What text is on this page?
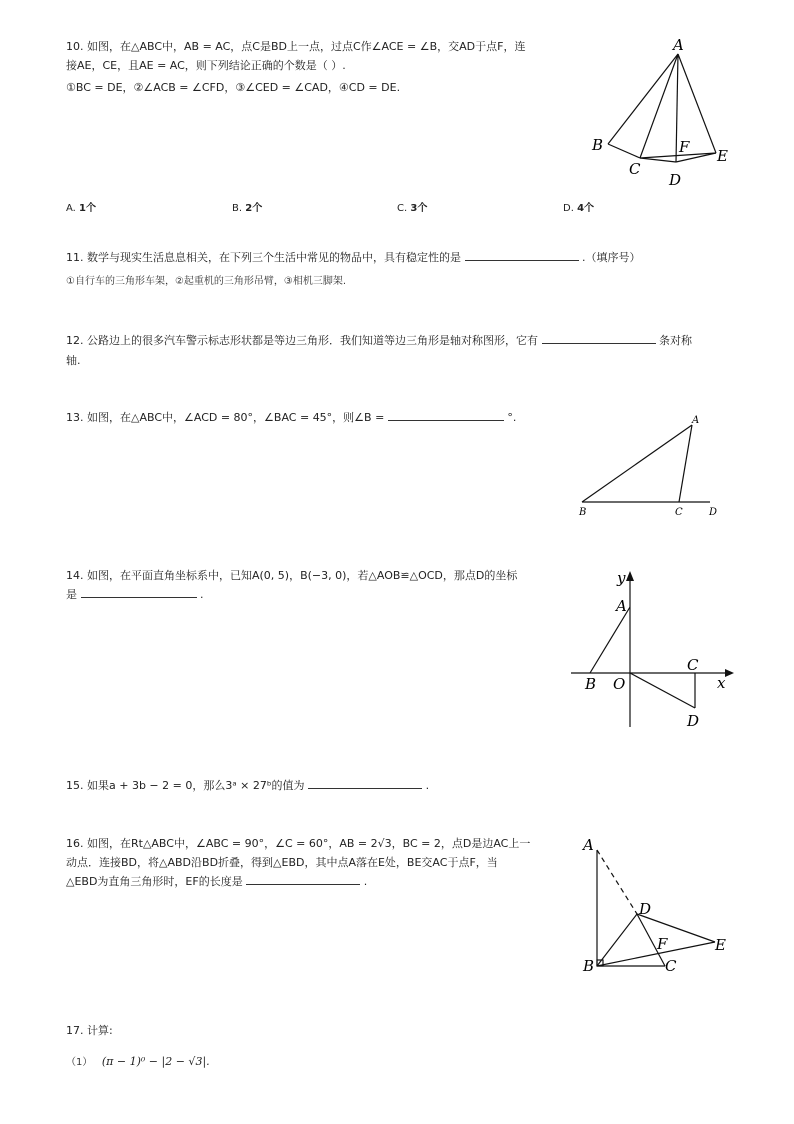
10. 如图，在△ABC中，AB = AC，点C是BD上一点，过点C作∠ACE = ∠B，交AD于点F，连
接AE，CE，且AE = AC，则下列结论正确的个数是（ ）.
①BC = DE，②∠ACB = ∠CFD，③∠CED = ∠CAD，④CD = DE.
A
B
C
D
E
F
A. 1个	B. 2个	C. 3个	D. 4个
11. 数学与现实生活息息相关，在下列三个生活中常见的物品中，具有稳定性的是	.（填序号）
①自行车的三角形车架，②起重机的三角形吊臂，③相机三脚架.
12. 公路边上的很多汽车警示标志形状都是等边三角形．我们知道等边三角形是轴对称图形，它有	条对称
轴.
13. 如图，在△ABC中，∠ACD = 80°，∠BAC = 45°，则∠B =	°.	A
B	C	D
14. 如图，在平面直角坐标系中，已知A(0, 5)，B(−3, 0)，若△AOB≌△OCD，那点D的坐标
是	.
y
x
A
B O
C
D
15. 如果a + 3b − 2 = 0，那么3ᵃ × 27ᵇ的值为	.
16. 如图，在Rt△ABC中，∠ABC = 90°，∠C = 60°，AB = 2√3，BC = 2，点D是边AC上一
动点．连接BD，将△ABD沿BD折叠，得到△EBD，其中点A落在E处，BE交AC于点F，当
△EBD为直角三角形时，EF的长度是	.
A
B	C
D
E
F
17. 计算:
（1） (π − 1)⁰ − |2 − √3|.
